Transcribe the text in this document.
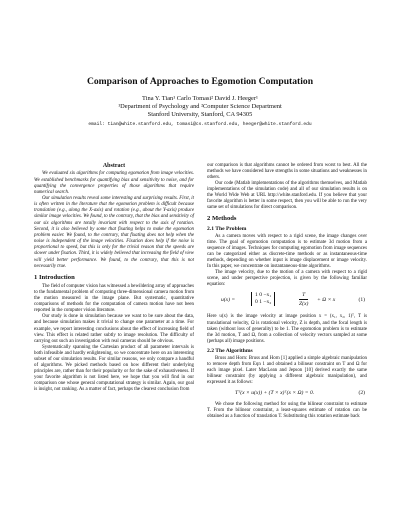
Comparison of Approaches to Egomotion Computation
Tina Y. Tian¹ Carlo Tomasi² David J. Heeger¹
¹Department of Psychology and ²Computer Science Department
Stanford University, Stanford, CA 94305
email: tian@white.stanford.edu, tomasi@cs.stanford.edu, heeger@white.stanford.edu
Abstract

We evaluated six algorithms for computing egomotion from image velocities. We established benchmarks for quantifying bias and sensitivity to noise, and for quantifying the convergence properties of those algorithms that require numerical search.

Our simulation results reveal some interesting and surprising results. First, it is often written in the literature that the egomotion problem is difficult because translation (e.g., along the X-axis) and rotation (e.g., about the Y-axis) produce similar image velocities. We found, to the contrary, that the bias and sensitivity of our six algorithms are totally invariant with respect to the axis of rotation. Second, it is also believed by some that fixating helps to make the egomotion problem easier. We found, to the contrary, that fixating does not help when the noise is independent of the image velocities. Fixation does help if the noise is proportional to speed, but this is only for the trivial reason that the speeds are slower under fixation. Third, it is widely believed that increasing the field of view will yield better performance. We found, to the contrary, that this is not necessarily true.

1 Introduction

The field of computer vision has witnessed a bewildering array of approaches to the fundamental problem of computing three-dimensional camera motion from the motion measured in the image plane. But systematic, quantitative comparisons of methods for the computation of camera motion have not been reported in the computer vision literature.

Our study is done in simulation because we want to be sure about the data, and because simulation makes it trivial to change one parameter at a time. For example, we report interesting conclusions about the effect of increasing field of view. This effect is related rather subtly to image resolution. The difficulty of carrying out such an investigation with real cameras should be obvious.

Systematically spanning the Cartesian product of all parameter intervals is both infeasible and hardly enlightening, so we concentrate here on an interesting subset of our simulation results. For similar reasons, we only compare a handful of algorithms. We picked methods based on how different their underlying principles are, rather than for their popularity or for the sake of exhaustiveness. If your favorite algorithm is not listed here, we hope that you will find in our comparison one whose general computational strategy is similar. Again, our goal is insight, not ranking. As a matter of fact, perhaps the clearest conclusion from

our comparison is that algorithms cannot be ordered from worst to best. All the methods we have considered have strengths in some situations and weaknesses in others.

Our code (Matlab implementations of the algorithms themselves, and Matlab implementations of the simulation code) and all of our simulation results is on the World Wide Web at URL http://white.stanford.edu. If you believe that your favorite algorithm is better in some respect, then you will be able to run the very same set of simulations for direct comparison.

2 Methods
2.1 The Problem

As a camera moves with respect to a rigid scene, the image changes over time. The goal of egomotion computation is to estimate 3d motion from a sequence of images. Techniques for computing egomotion from image sequences can be categorized either as discrete-time methods or as instantaneous-time methods, depending on whether input is image displacement or image velocity. In this paper, we concentrate on instantaneous-time algorithms.

The image velocity, due to the motion of a camera with respect to a rigid scene, and under perspective projection, is given by the following familiar equation:

u(x) =
1 0 −x₁
0 1 −x₂	$\frac{T}{Z(x)} + \Omega \times x$	(1)

Here u(x) is the image velocity at image position x = (x₁, x₂, 1)ᵀ, T is translational velocity, Ω is rotational velocity, Z is depth, and the focal length is taken (without loss of generality) to be 1. The egomotion problem is to estimate the 3d motion, T and Ω, from a collection of velocity vectors sampled at some (perhaps all) image positions.

2.2 The Algorithms

Bruss and Horn: Bruss and Horn [1] applied a simple algebraic manipulation to remove depth from Eqn 1 and obtained a bilinear constraint on T and Ω for each image pixel. Later MacLean and Jepson [10] derived exactly the same bilinear constraint (by applying a different algebraic manipulation), and expressed it as follows:

Tᵀ(x × u(x)) + (T × x)ᵀ(x × Ω) = 0.	(2)

We chose the following method for using the bilinear constraint to estimate T. From the bilinear constraint, a least-squares estimate of rotation can be obtained as a function of translation T. Substituting this rotation estimate back
